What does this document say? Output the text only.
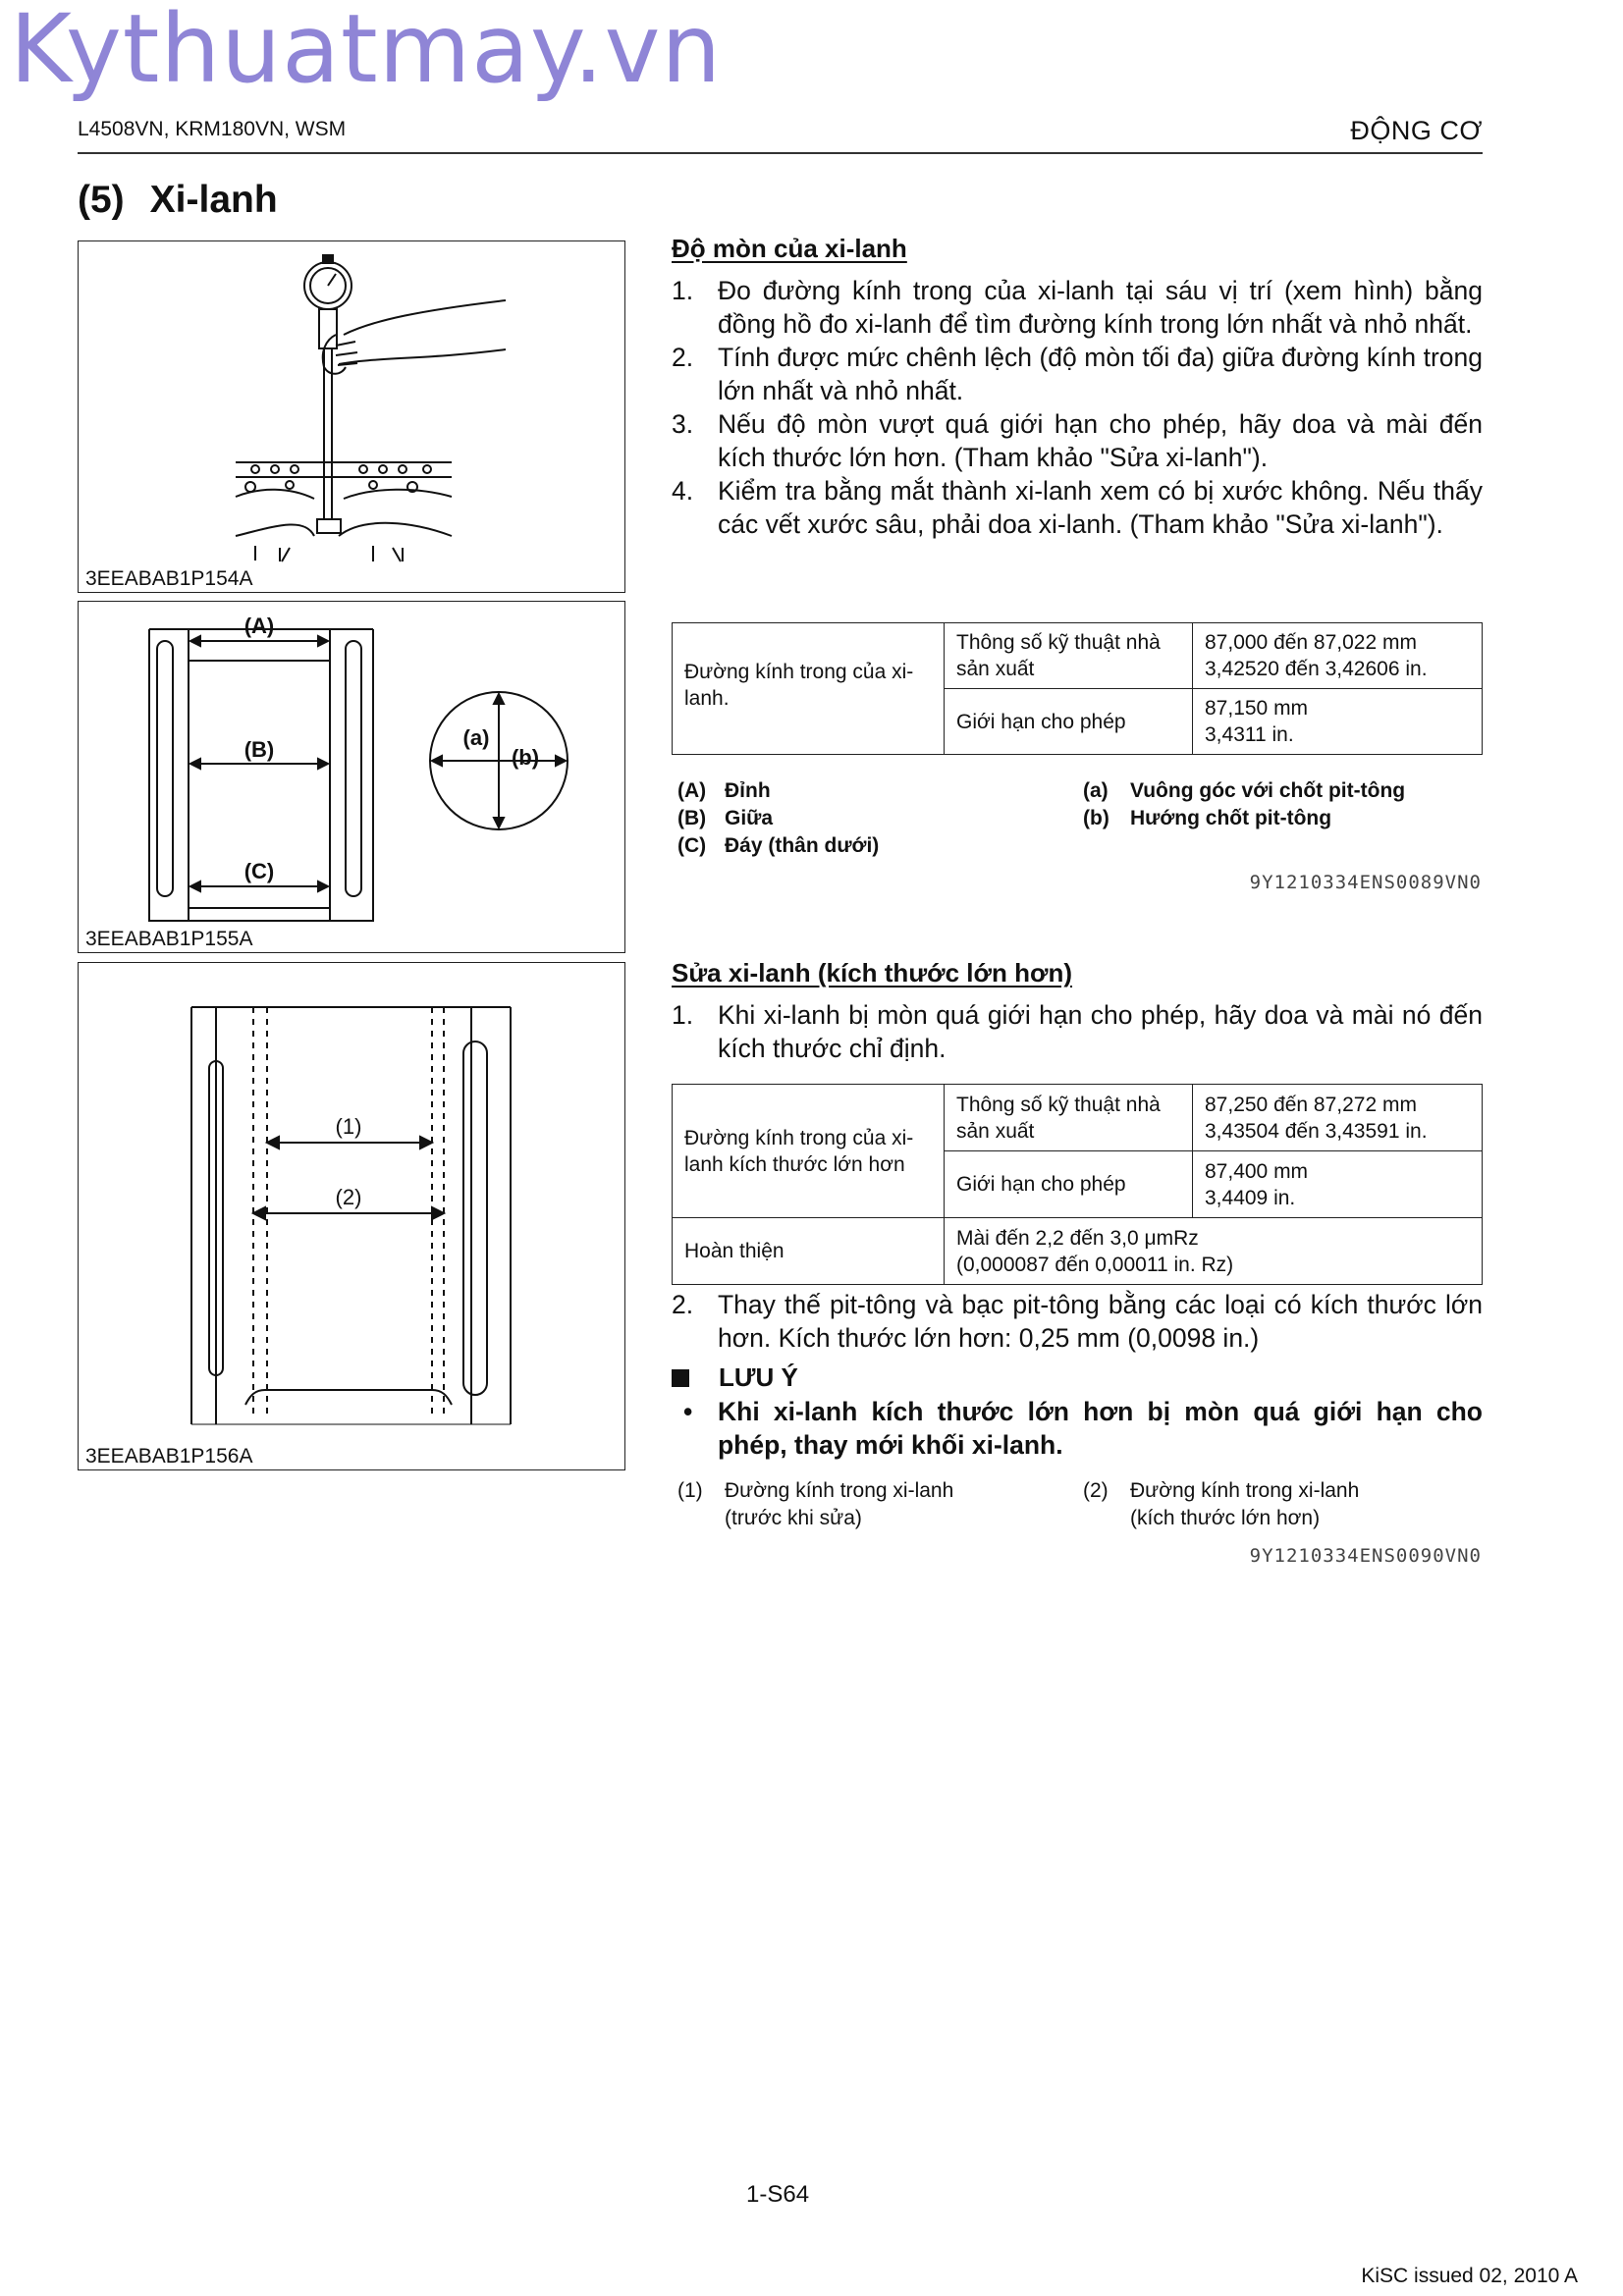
Kythuatmay.vn
L4508VN, KRM180VN, WSM	ĐỘNG CƠ
(5) Xi-lanh
3EEABAB1P154A
(A)
(B)
(C)
(a)
(b)
3EEABAB1P155A
(1)
(2)
3EEABAB1P156A
Độ mòn của xi-lanh
1. Đo đường kính trong của xi-lanh tại sáu vị trí (xem hình) bằng đồng hồ đo xi-lanh để tìm đường kính trong lớn nhất và nhỏ nhất.
2. Tính được mức chênh lệch (độ mòn tối đa) giữa đường kính trong lớn nhất và nhỏ nhất.
3. Nếu độ mòn vượt quá giới hạn cho phép, hãy doa và mài đến kích thước lớn hơn. (Tham khảo "Sửa xi-lanh").
4. Kiểm tra bằng mắt thành xi-lanh xem có bị xước không. Nếu thấy các vết xước sâu, phải doa xi-lanh. (Tham khảo "Sửa xi-lanh").
Đường kính trong của xi-lanh.	Thông số kỹ thuật nhà sản xuất	87,000 đến 87,022 mm
3,42520 đến 3,42606 in.

	Giới hạn cho phép	87,150 mm
3,4311 in.
(A) Đỉnh
(B) Giữa
(C) Đáy (thân dưới)
(a)	Vuông góc với chốt pit-tông
(b)	Hướng chốt pit-tông
9Y1210334ENS0089VN0
Sửa xi-lanh (kích thước lớn hơn)
1. Khi xi-lanh bị mòn quá giới hạn cho phép, hãy doa và mài nó đến kích thước chỉ định.
Đường kính trong của xi-lanh kích thước lớn hơn	Thông số kỹ thuật nhà sản xuất	87,250 đến 87,272 mm
3,43504 đến 3,43591 in.

	Giới hạn cho phép	87,400 mm
3,4409 in.

Hoàn thiện	Mài đến 2,2 đến 3,0 μmRz
(0,000087 đến 0,00011 in. Rz)	
2. Thay thế pit-tông và bạc pit-tông bằng các loại có kích thước lớn hơn. Kích thước lớn hơn: 0,25 mm (0,0098 in.)
LƯU Ý
• Khi xi-lanh kích thước lớn hơn bị mòn quá giới hạn cho phép, thay mới khối xi-lanh.
(1)	Đường kính trong xi-lanh
(trước khi sửa)
(2)	Đường kính trong xi-lanh
(kích thước lớn hơn)
9Y1210334ENS0090VN0
1-S64
KiSC issued 02, 2010 A
